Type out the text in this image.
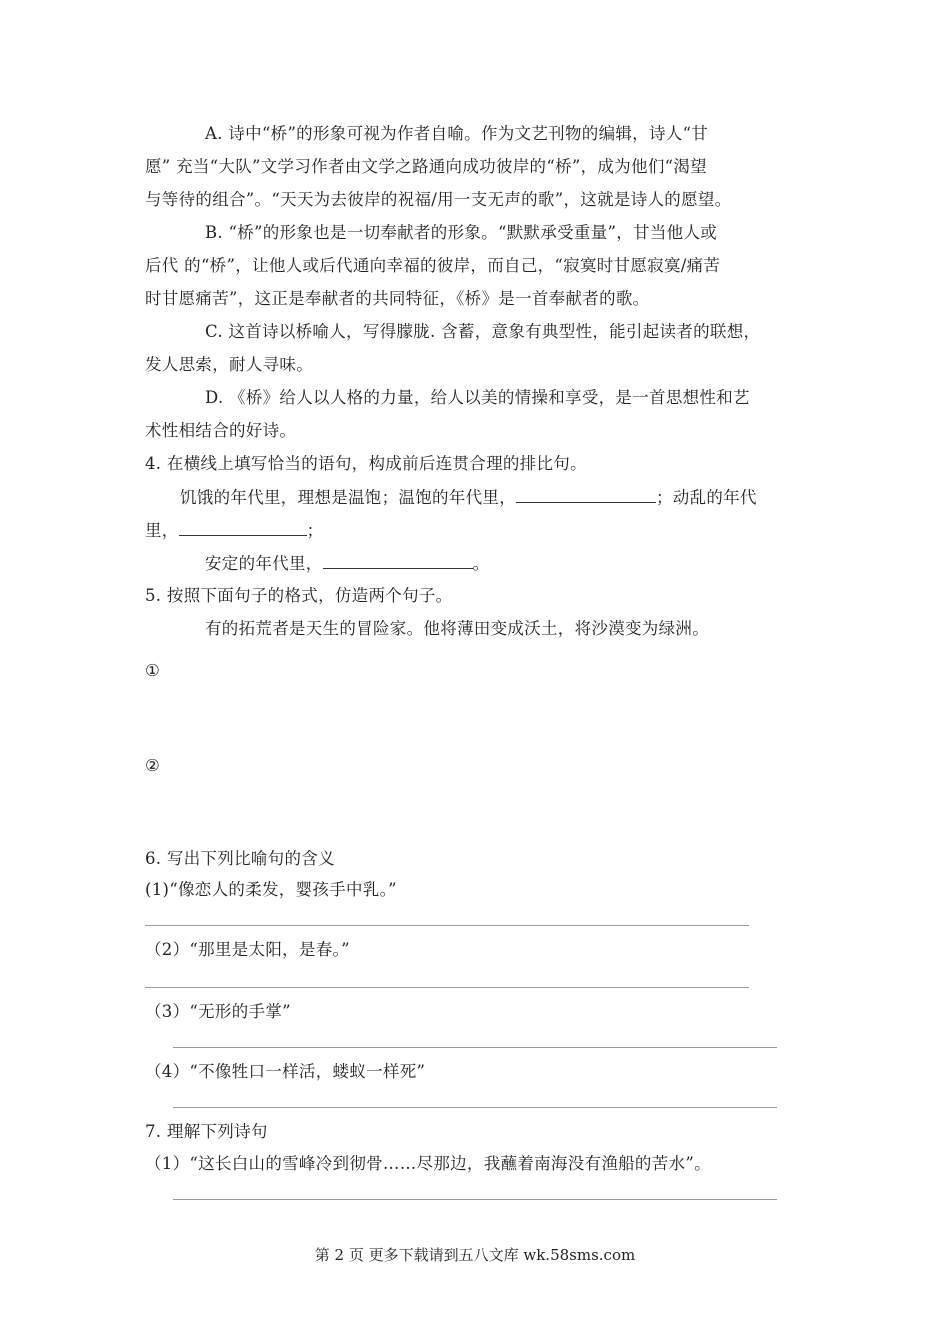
A. 诗中“桥”的形象可视为作者自喻。作为文艺刊物的编辑，诗人“甘
愿” 充当“大队”文学习作者由文学之路通向成功彼岸的“桥”，成为他们“渴望
与等待的组合”。“天天为去彼岸的祝福/用一支无声的歌”，这就是诗人的愿望。
B. “桥”的形象也是一切奉献者的形象。“默默承受重量”，甘当他人或
后代 的“桥”，让他人或后代通向幸福的彼岸，而自己，“寂寞时甘愿寂寞/痛苦
时甘愿痛苦”，这正是奉献者的共同特征，《桥》是一首奉献者的歌。
C. 这首诗以桥喻人，写得朦胧. 含蓄，意象有典型性，能引起读者的联想，
发人思索，耐人寻味。
D. 《桥》给人以人格的力量，给人以美的情操和享受，是一首思想性和艺
术性相结合的好诗。
4. 在横线上填写恰当的语句，构成前后连贯合理的排比句。
饥饿的年代里，理想是温饱；温饱的年代里，	；动乱的年代
里，	；
安定的年代里，	。
5. 按照下面句子的格式，仿造两个句子。
有的拓荒者是天生的冒险家。他将薄田变成沃土，将沙漠变为绿洲。
①
②
6. 写出下列比喻句的含义
(1)“像恋人的柔发，婴孩手中乳。”
（2）“那里是太阳，是春。”
（3）“无形的手掌”
（4）“不像牲口一样活，蝼蚁一样死”
7. 理解下列诗句
（1）“这长白山的雪峰冷到彻骨……尽那边，我蘸着南海没有渔船的苦水”。
第 2 页 更多下载请到五八文库 wk.58sms.com
